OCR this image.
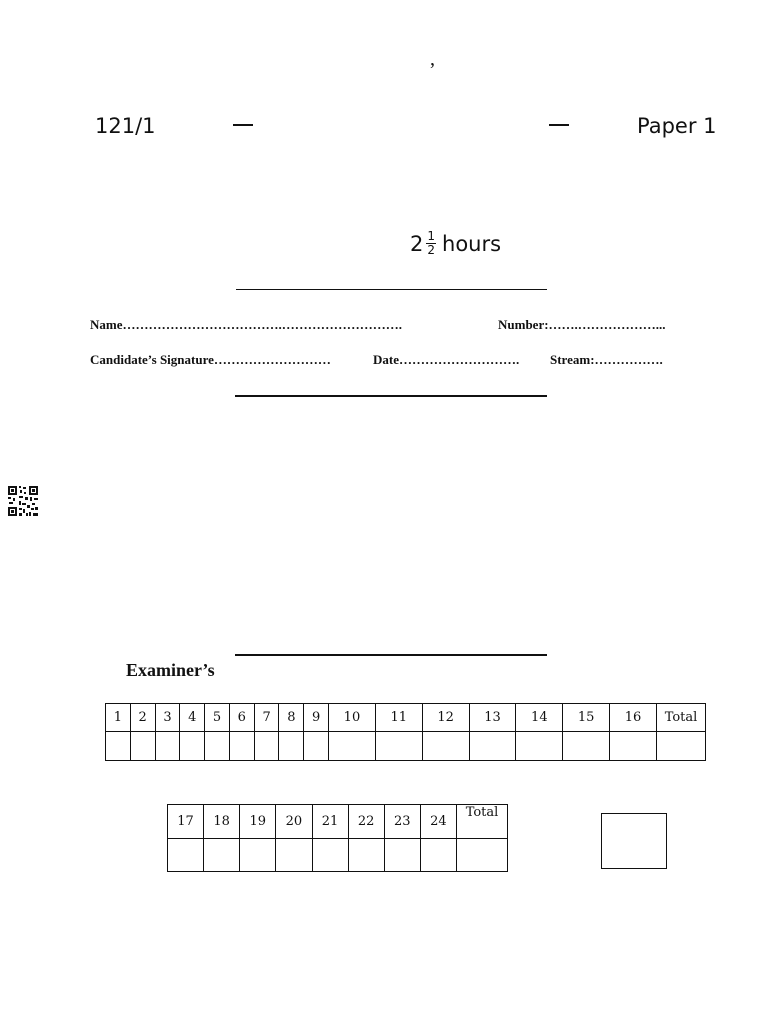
,
121/1	Paper 1
$2 \frac{1}{2}$ hours
Name……………………………….……………………….	Number:…….………………...
Candidate’s Signature………………………	Date………………………. Stream:…………….
Examiner’s
1	2	3	4	5	6	7	8	9	10	11	12	13	14	15	16	Total

17	18	19	20	21	22	23	24	Total
